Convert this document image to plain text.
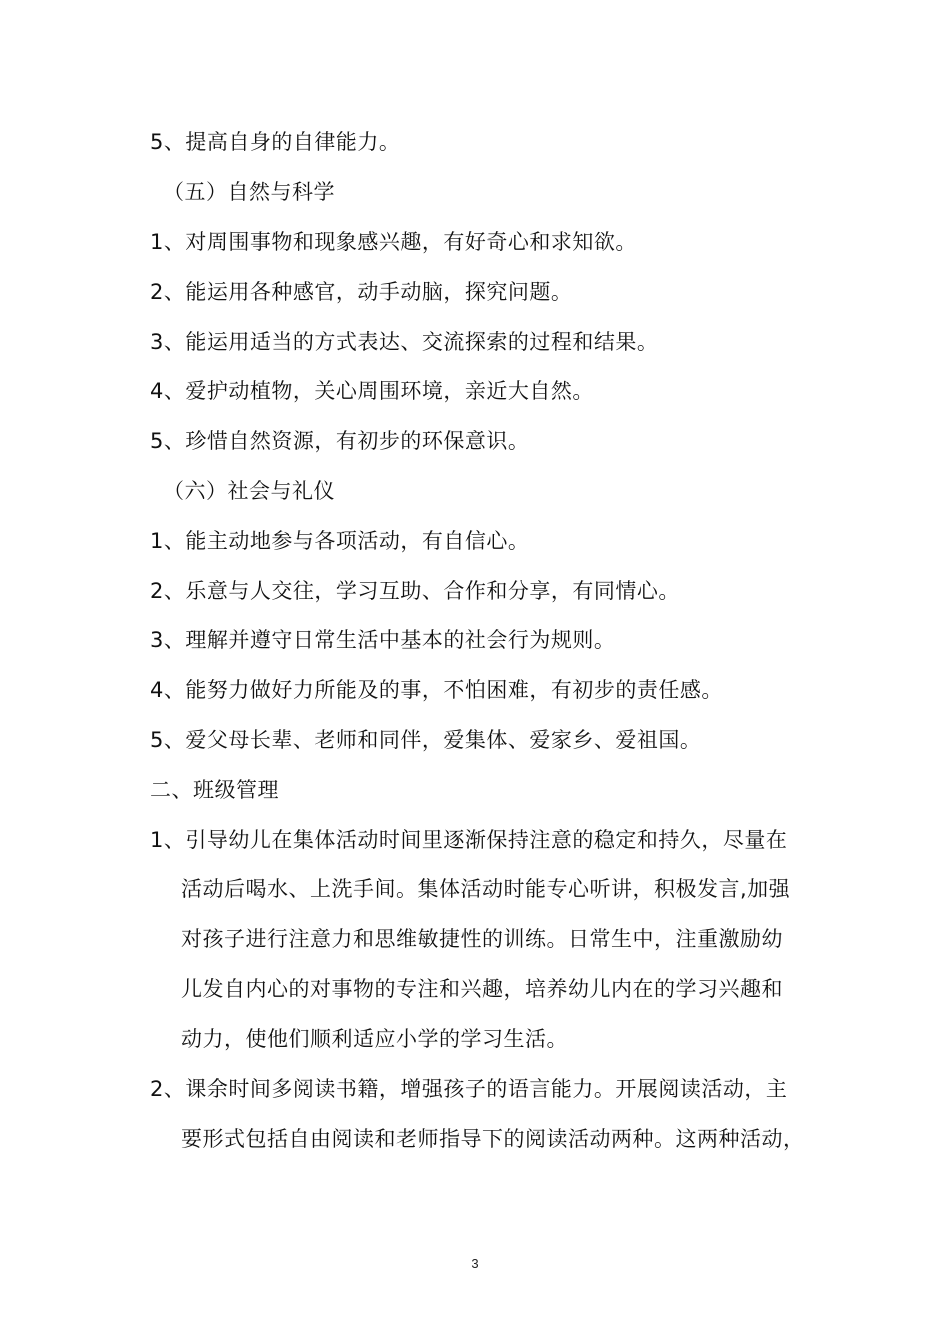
5、提高自身的自律能力。
（五）自然与科学
1、对周围事物和现象感兴趣，有好奇心和求知欲。
2、能运用各种感官，动手动脑，探究问题。
3、能运用适当的方式表达、交流探索的过程和结果。
4、爱护动植物，关心周围环境，亲近大自然。
5、珍惜自然资源，有初步的环保意识。
（六）社会与礼仪
1、能主动地参与各项活动，有自信心。
2、乐意与人交往，学习互助、合作和分享，有同情心。
3、理解并遵守日常生活中基本的社会行为规则。
4、能努力做好力所能及的事，不怕困难，有初步的责任感。
5、爱父母长辈、老师和同伴，爱集体、爱家乡、爱祖国。
二、班级管理
1、引导幼儿在集体活动时间里逐渐保持注意的稳定和持久，尽量在
活动后喝水、上洗手间。集体活动时能专心听讲，积极发言,加强
对孩子进行注意力和思维敏捷性的训练。日常生中，注重激励幼
儿发自内心的对事物的专注和兴趣，培养幼儿内在的学习兴趣和
动力，使他们顺利适应小学的学习生活。
2、课余时间多阅读书籍，增强孩子的语言能力。开展阅读活动，主
要形式包括自由阅读和老师指导下的阅读活动两种。这两种活动，
3
